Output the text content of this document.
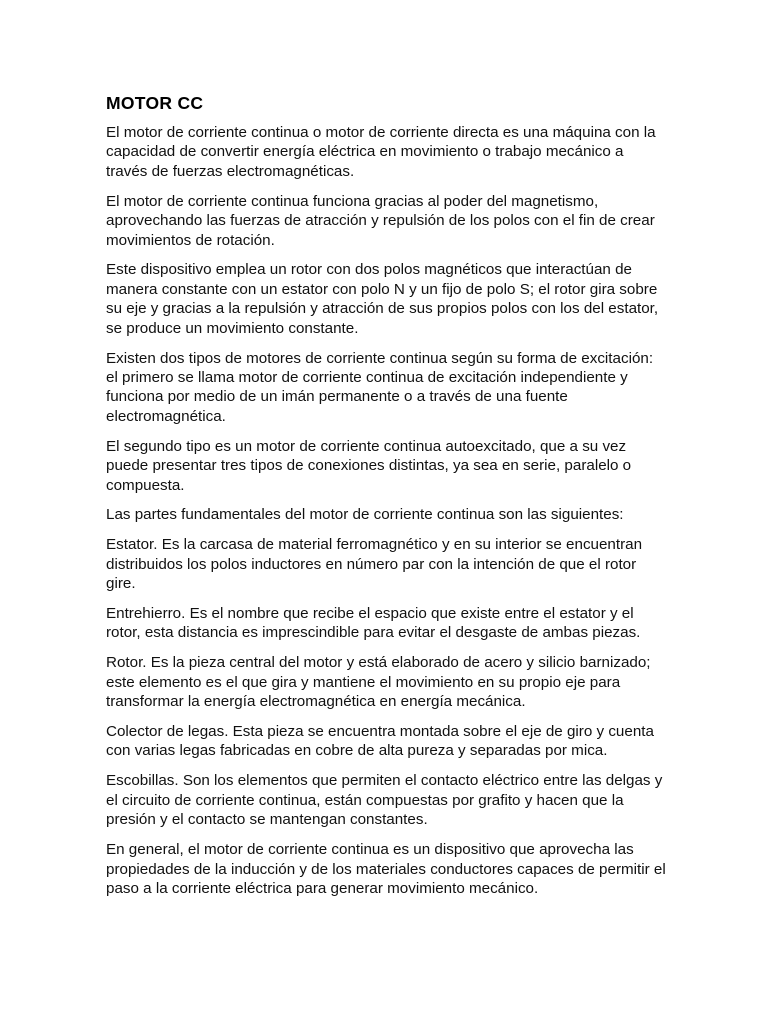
MOTOR CC

El motor de corriente continua o motor de corriente directa es una máquina con la capacidad de convertir energía eléctrica en movimiento o trabajo mecánico a través de fuerzas electromagnéticas.

El motor de corriente continua funciona gracias al poder del magnetismo, aprovechando las fuerzas de atracción y repulsión de los polos con el fin de crear movimientos de rotación.

Este dispositivo emplea un rotor con dos polos magnéticos que interactúan de manera constante con un estator con polo N y un fijo de polo S; el rotor gira sobre su eje y gracias a la repulsión y atracción de sus propios polos con los del estator, se produce un movimiento constante.

Existen dos tipos de motores de corriente continua según su forma de excitación: el primero se llama motor de corriente continua de excitación independiente y funciona por medio de un imán permanente o a través de una fuente electromagnética.

El segundo tipo es un motor de corriente continua autoexcitado, que a su vez puede presentar tres tipos de conexiones distintas, ya sea en serie, paralelo o compuesta.

Las partes fundamentales del motor de corriente continua son las siguientes:

Estator. Es la carcasa de material ferromagnético y en su interior se encuentran distribuidos los polos inductores en número par con la intención de que el rotor gire.

Entrehierro. Es el nombre que recibe el espacio que existe entre el estator y el rotor, esta distancia es imprescindible para evitar el desgaste de ambas piezas.

Rotor. Es la pieza central del motor y está elaborado de acero y silicio barnizado; este elemento es el que gira y mantiene el movimiento en su propio eje para transformar la energía electromagnética en energía mecánica.

Colector de legas. Esta pieza se encuentra montada sobre el eje de giro y cuenta con varias legas fabricadas en cobre de alta pureza y separadas por mica.

Escobillas. Son los elementos que permiten el contacto eléctrico entre las delgas y el circuito de corriente continua, están compuestas por grafito y hacen que la presión y el contacto se mantengan constantes.

En general, el motor de corriente continua es un dispositivo que aprovecha las propiedades de la inducción y de los materiales conductores capaces de permitir el paso a la corriente eléctrica para generar movimiento mecánico.
